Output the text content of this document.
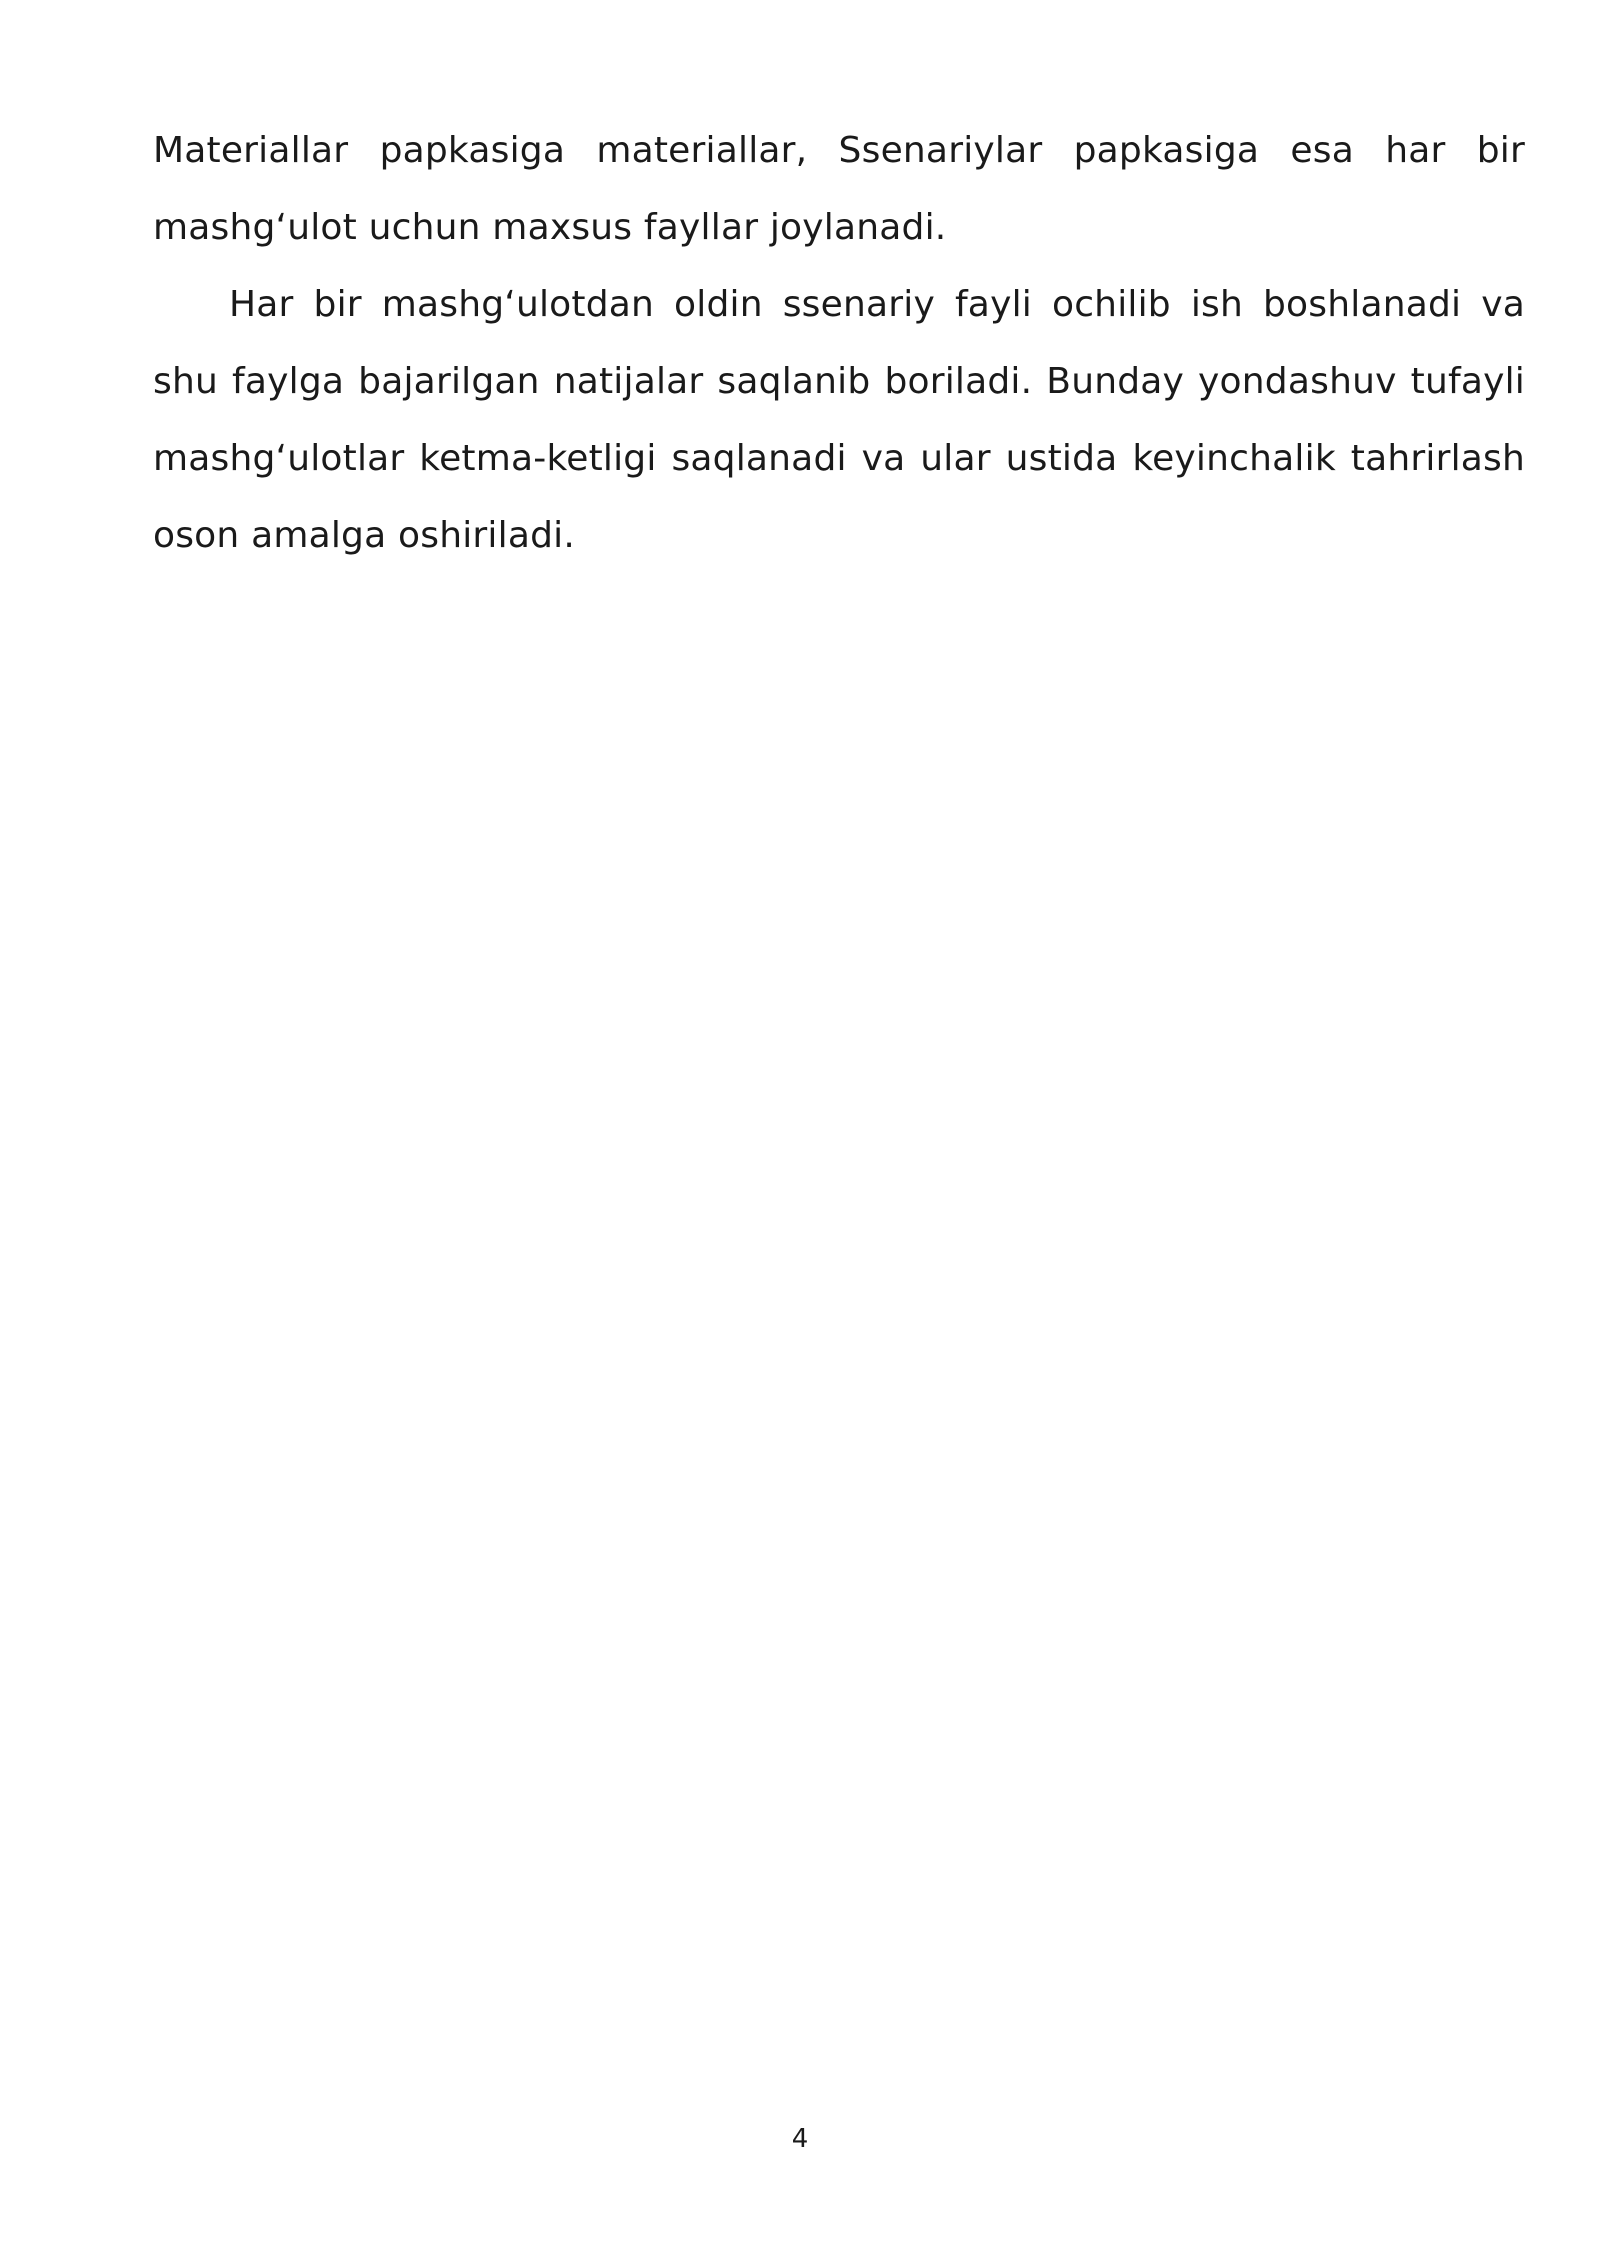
Materiallar papkasiga materiallar, Ssenariylar papkasiga esa har bir mashg‘ulot uchun maxsus fayllar joylanadi.

Har bir mashg‘ulotdan oldin ssenariy fayli ochilib ish boshlanadi va shu faylga bajarilgan natijalar saqlanib boriladi. Bunday yondashuv tufayli mashg‘ulotlar ketma-ketligi saqlanadi va ular ustida keyinchalik tahrirlash oson amalga oshiriladi.

4
